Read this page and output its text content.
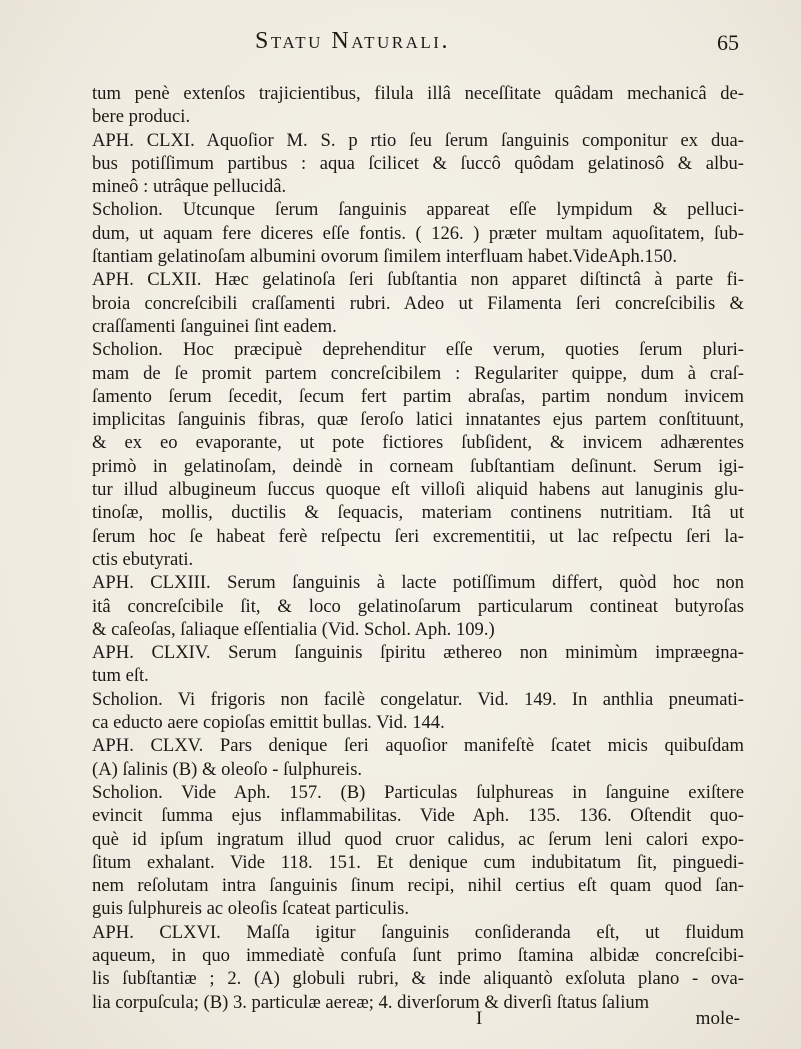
Statu Naturali.	65

tum penè extenſos trajicientibus, filula illâ neceſſitate quâdam mechanicâ de-

bere produci.

APH. CLXI. Aquoſior M. S. p rtio ſeu ſerum ſanguinis componitur ex dua-

bus potiſſimum partibus : aqua ſcilicet & ſuccô quôdam gelatinosô & albu-

mineô : utrâque pellucidâ.

Scholion. Utcunque ſerum ſanguinis appareat eſſe lympidum & pelluci-

dum, ut aquam fere diceres eſſe fontis. ( 126. ) præter multam aquoſitatem, ſub-

ſtantiam gelatinoſam albumini ovorum ſimilem interfluam habet.VideAph.150.

APH. CLXII. Hæc gelatinoſa ſeri ſubſtantia non apparet diſtinctâ à parte fi-

broia concreſcibili craſſamenti rubri. Adeo ut Filamenta ſeri concreſcibilis &

craſſamenti ſanguinei ſint eadem.

Scholion. Hoc præcipuè deprehenditur eſſe verum, quoties ſerum pluri-

mam de ſe promit partem concreſcibilem : Regulariter quippe, dum à craſ-

ſamento ſerum ſecedit, ſecum fert partim abraſas, partim nondum invicem

implicitas ſanguinis fibras, quæ ſeroſo latici innatantes ejus partem conſtituunt,

& ex eo evaporante, ut pote fictiores ſubſident, & invicem adhærentes

primò in gelatinoſam, deindè in corneam ſubſtantiam deſinunt. Serum igi-

tur illud albugineum ſuccus quoque eſt villoſi aliquid habens aut lanuginis glu-

tinoſæ, mollis, ductilis & ſequacis, materiam continens nutritiam. Itâ ut

ſerum hoc ſe habeat ferè reſpectu ſeri excrementitii, ut lac reſpectu ſeri la-

ctis ebutyrati.

APH. CLXIII. Serum ſanguinis à lacte potiſſimum differt, quòd hoc non

itâ concreſcibile ſit, & loco gelatinoſarum particularum contineat butyroſas

& caſeoſas, ſaliaque eſſentialia (Vid. Schol. Aph. 109.)

APH. CLXIV. Serum ſanguinis ſpiritu æthereo non minimùm impræegna-

tum eſt.

Scholion. Vi frigoris non facilè congelatur. Vid. 149. In anthlia pneumati-

ca educto aere copioſas emittit bullas. Vid. 144.

APH. CLXV. Pars denique ſeri aquoſior manifeſtè ſcatet micis quibuſdam

(A) ſalinis (B) & oleoſo - ſulphureis.

Scholion. Vide Aph. 157. (B) Particulas ſulphureas in ſanguine exiſtere

evincit ſumma ejus inflammabilitas. Vide Aph. 135. 136. Oſtendit quo-

què id ipſum ingratum illud quod cruor calidus, ac ſerum leni calori expo-

ſitum exhalant. Vide 118. 151. Et denique cum indubitatum ſit, pinguedi-

nem reſolutam intra ſanguinis ſinum recipi, nihil certius eſt quam quod ſan-

guis ſulphureis ac oleoſis ſcateat particulis.

APH. CLXVI. Maſſa igitur ſanguinis conſideranda eſt, ut fluidum

aqueum, in quo immediatè confuſa ſunt primo ſtamina albidæ concreſcibi-

lis ſubſtantiæ ; 2. (A) globuli rubri, & inde aliquantò exſoluta plano - ova-

lia corpuſcula; (B) 3. particulæ aereæ; 4. diverſorum & diverſi ſtatus ſalium

I	mole-
